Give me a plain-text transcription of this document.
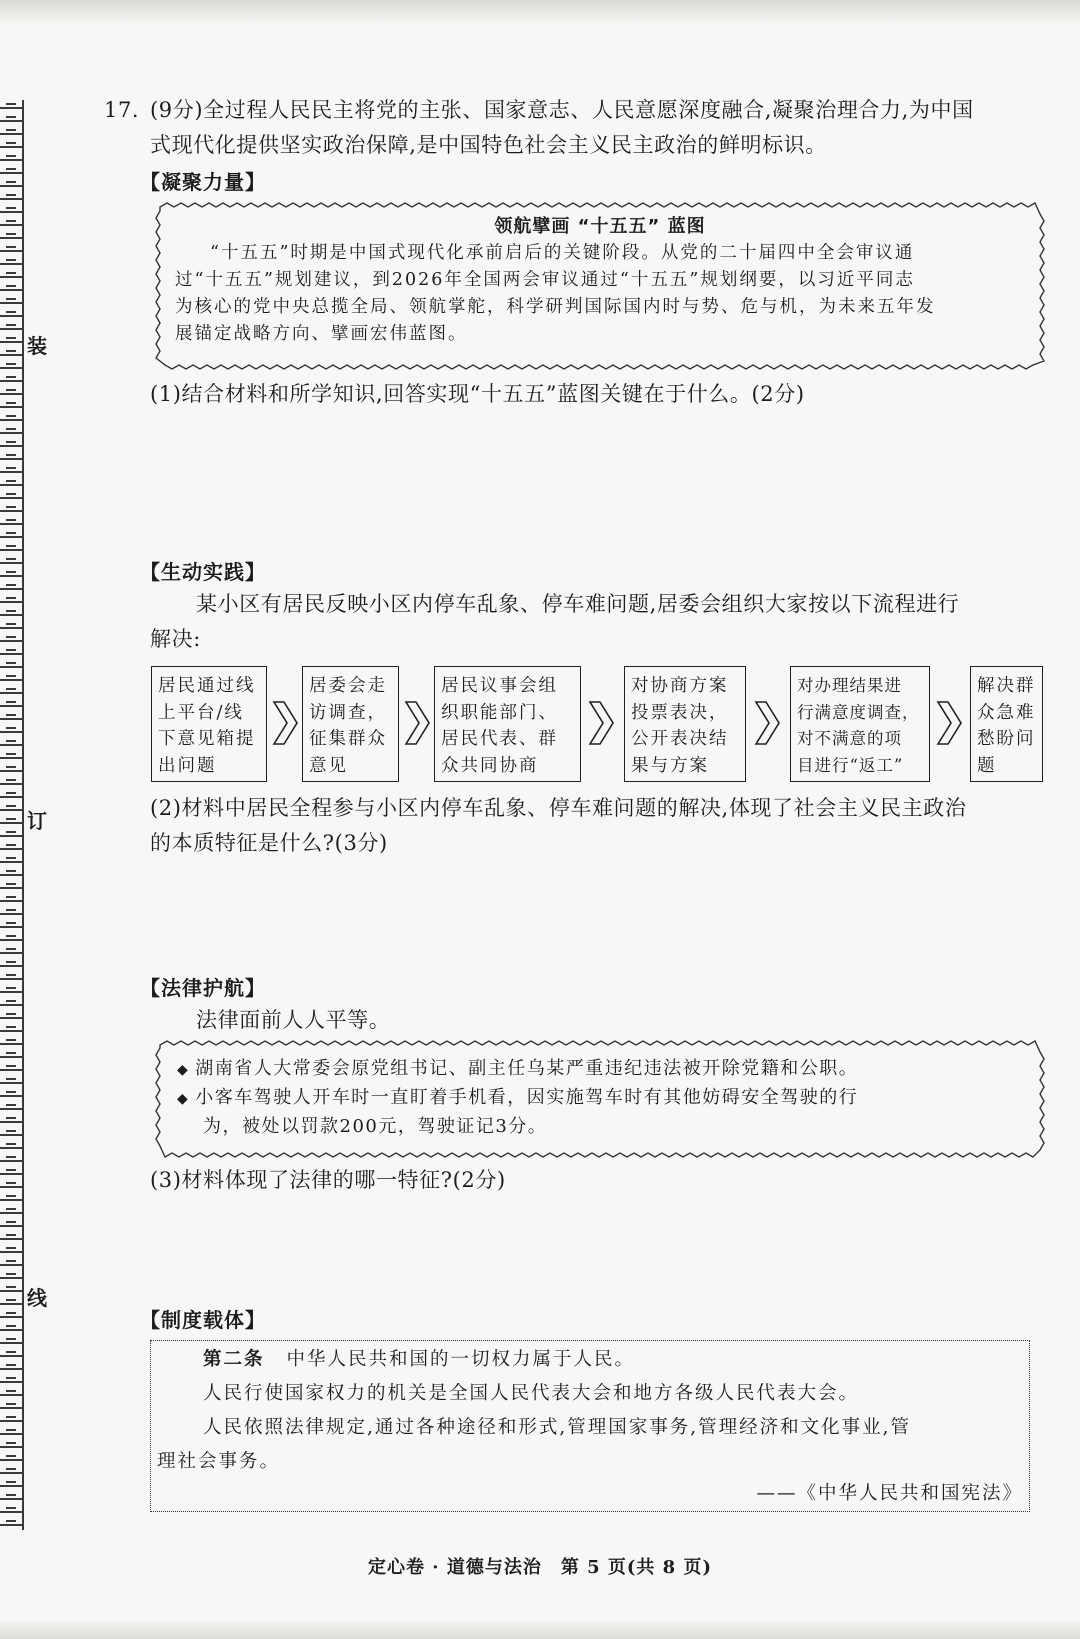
装
订
线
17. (9分)全过程人民民主将党的主张、国家意志、人民意愿深度融合,凝聚治理合力,为中国
式现代化提供坚实政治保障,是中国特色社会主义民主政治的鲜明标识。
【凝聚力量】
领航擘画 “十五五” 蓝图

“十五五”时期是中国式现代化承前启后的关键阶段。从党的二十届四中全会审议通

过“十五五”规划建议，到2026年全国两会审议通过“十五五”规划纲要，以习近平同志

为核心的党中央总揽全局、领航掌舵，科学研判国际国内时与势、危与机，为未来五年发

展锚定战略方向、擘画宏伟蓝图。

(1)结合材料和所学知识,回答实现“十五五”蓝图关键在于什么。(2分)
【生动实践】
某小区有居民反映小区内停车乱象、停车难问题,居委会组织大家按以下流程进行
解决:
居民通过线
上平台/线
下意见箱提
出问题
居委会走
访调查，
征集群众
意见
居民议事会组
织职能部门、
居民代表、群
众共同协商
对协商方案
投票表决，
公开表决结
果与方案
对办理结果进
行满意度调查，
对不满意的项
目进行“返工”
解决群
众急难
愁盼问
题
(2)材料中居民全程参与小区内停车乱象、停车难问题的解决,体现了社会主义民主政治
的本质特征是什么?(3分)
【法律护航】
法律面前人人平等。
◆ 湖南省人大常委会原党组书记、副主任乌某严重违纪违法被开除党籍和公职。
◆ 小客车驾驶人开车时一直盯着手机看，因实施驾车时有其他妨碍安全驾驶的行
为，被处以罚款200元，驾驶证记3分。
(3)材料体现了法律的哪一特征?(2分)
【制度载体】
第二条 中华人民共和国的一切权力属于人民。
人民行使国家权力的机关是全国人民代表大会和地方各级人民代表大会。
人民依照法律规定,通过各种途径和形式,管理国家事务,管理经济和文化事业,管
理社会事务。
——《中华人民共和国宪法》
定心卷 · 道德与法治　第 5 页(共 8 页)
